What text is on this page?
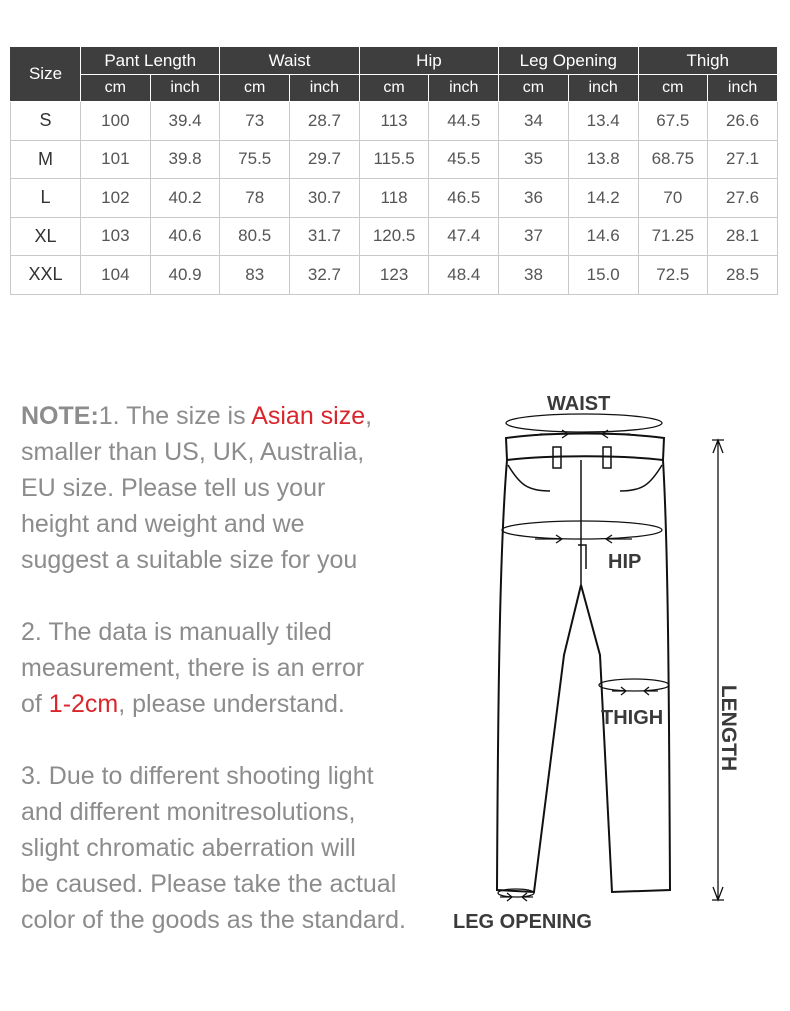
Size	Pant Length		Waist		Hip		Leg Opening		Thigh	
	cm	inch	cm	inch	cm	inch	cm	inch	cm	inch
S	100	39.4	73	28.7	113	44.5	34	13.4	67.5	26.6
M	101	39.8	75.5	29.7	115.5	45.5	35	13.8	68.75	27.1
L	102	40.2	78	30.7	118	46.5	36	14.2	70	27.6
XL	103	40.6	80.5	31.7	120.5	47.4	37	14.6	71.25	28.1
XXL	104	40.9	83	32.7	123	48.4	38	15.0	72.5	28.5

NOTE:1. The size is Asian size,
smaller than US, UK, Australia,
EU size. Please tell us your
height and weight and we
suggest a suitable size for you

2. The data is manually tiled
measurement, there is an error
of 1-2cm, please understand.

3. Due to different shooting light
and different monitresolutions,
slight chromatic aberration will
be caused. Please take the actual
color of the goods as the standard.

WAIST

HIP

THIGH	LENGTH

LEG OPENING
